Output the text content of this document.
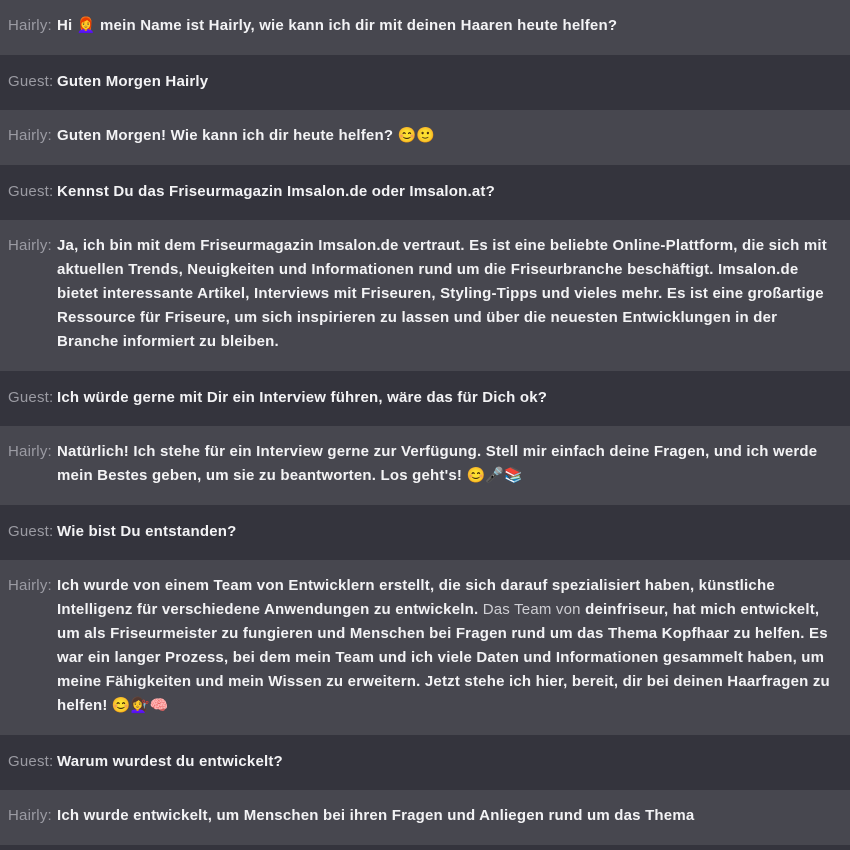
Hairly: Hi 👩‍🦰 mein Name ist Hairly, wie kann ich dir mit deinen Haaren heute helfen?
Guest: Guten Morgen Hairly
Hairly: Guten Morgen! Wie kann ich dir heute helfen? 😊🙂
Guest: Kennst Du das Friseurmagazin Imsalon.de oder Imsalon.at?
Hairly: Ja, ich bin mit dem Friseurmagazin Imsalon.de vertraut. Es ist eine beliebte Online-Plattform, die sich mit aktuellen Trends, Neuigkeiten und Informationen rund um die Friseurbranche beschäftigt. Imsalon.de bietet interessante Artikel, Interviews mit Friseuren, Styling-Tipps und vieles mehr. Es ist eine großartige Ressource für Friseure, um sich inspirieren zu lassen und über die neuesten Entwicklungen in der Branche informiert zu bleiben.
Guest: Ich würde gerne mit Dir ein Interview führen, wäre das für Dich ok?
Hairly: Natürlich! Ich stehe für ein Interview gerne zur Verfügung. Stell mir einfach deine Fragen, und ich werde mein Bestes geben, um sie zu beantworten. Los geht's! 😊🎤📚
Guest: Wie bist Du entstanden?
Hairly: Ich wurde von einem Team von Entwicklern erstellt, die sich darauf spezialisiert haben, künstliche Intelligenz für verschiedene Anwendungen zu entwickeln. Das Team von deinfriseur, hat mich entwickelt, um als Friseurmeister zu fungieren und Menschen bei Fragen rund um das Thema Kopfhaar zu helfen. Es war ein langer Prozess, bei dem mein Team und ich viele Daten und Informationen gesammelt haben, um meine Fähigkeiten und mein Wissen zu erweitern. Jetzt stehe ich hier, bereit, dir bei deinen Haarfragen zu helfen! 😊💇‍♀️🧠
Guest: Warum wurdest du entwickelt?
Hairly: Ich wurde entwickelt, um Menschen bei ihren Fragen und Anliegen rund um das Thema
